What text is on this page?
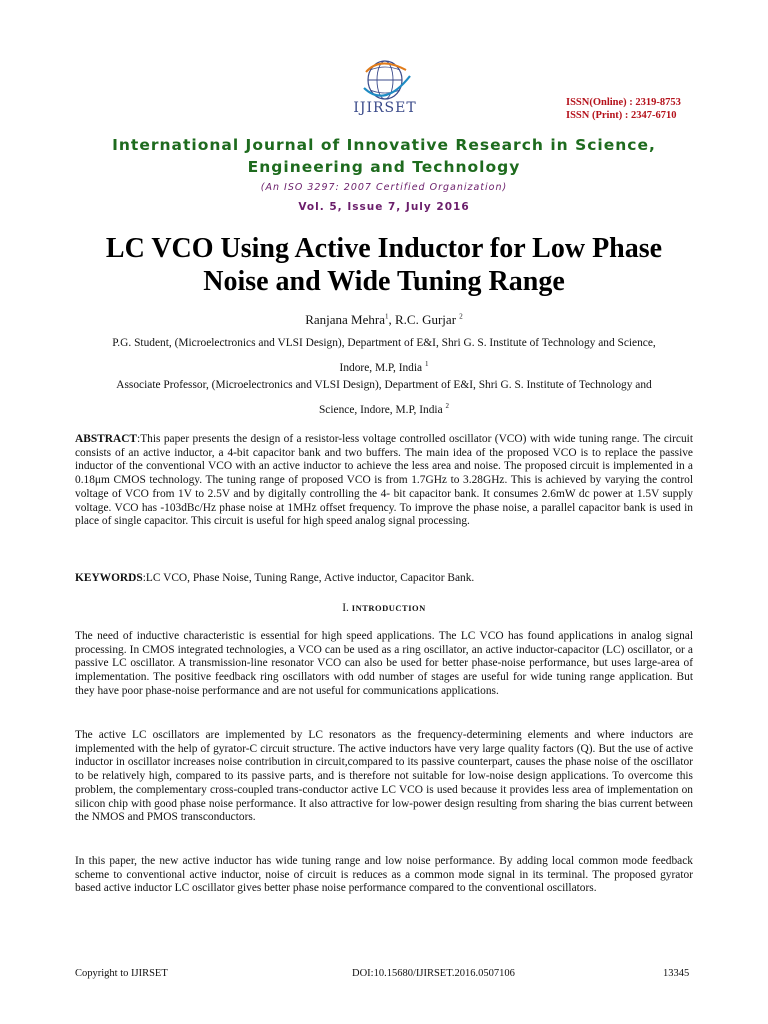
IJIRSET	ISSN(Online) : 2319-8753
ISSN (Print) : 2347-6710
International Journal of Innovative Research in Science,
Engineering and Technology
(An ISO 3297: 2007 Certified Organization)
Vol. 5, Issue 7, July 2016
LC VCO Using Active Inductor for Low Phase
Noise and Wide Tuning Range
Ranjana Mehra$^1$, R.C. Gurjar $^2$
P.G. Student, (Microelectronics and VLSI Design), Department of E&I, Shri G. S. Institute of Technology and Science,
Indore, M.P, India $^1$
Associate Professor, (Microelectronics and VLSI Design), Department of E&I, Shri G. S. Institute of Technology and
Science, Indore, M.P, India $^2$
ABSTRACT:This paper presents the design of a resistor-less voltage controlled oscillator (VCO) with wide tuning range. The circuit consists of an active inductor, a 4-bit capacitor bank and two buffers. The main idea of the proposed VCO is to replace the passive inductor of the conventional VCO with an active inductor to achieve the less area and noise. The proposed circuit is implemented in a 0.18μm CMOS technology. The tuning range of proposed VCO is from 1.7GHz to 3.28GHz. This is achieved by varying the control voltage of VCO from 1V to 2.5V and by digitally controlling the 4- bit capacitor bank. It consumes 2.6mW dc power at 1.5V supply voltage. VCO has -103dBc/Hz phase noise at 1MHz offset frequency. To improve the phase noise, a parallel capacitor bank is used in place of single capacitor. This circuit is useful for high speed analog signal processing.
KEYWORDS:LC VCO, Phase Noise, Tuning Range, Active inductor, Capacitor Bank.
I. INTRODUCTION
The need of inductive characteristic is essential for high speed applications. The LC VCO has found applications in analog signal processing. In CMOS integrated technologies, a VCO can be used as a ring oscillator, an active inductor-capacitor (LC) oscillator, or a passive LC oscillator. A transmission-line resonator VCO can also be used for better phase-noise performance, but uses large-area of implementation. The positive feedback ring oscillators with odd number of stages are useful for wide tuning range application. But they have poor phase-noise performance and are not useful for communications applications.
The active LC oscillators are implemented by LC resonators as the frequency-determining elements and where inductors are implemented with the help of gyrator-C circuit structure. The active inductors have very large quality factors (Q). But the use of active inductor in oscillator increases noise contribution in circuit,compared to its passive counterpart, causes the phase noise of the oscillator to be relatively high, compared to its passive parts, and is therefore not suitable for low-noise design applications. To overcome this problem, the complementary cross-coupled trans-conductor active LC VCO is used because it provides less area of implementation on silicon chip with good phase noise performance. It also attractive for low-power design resulting from sharing the bias current between the NMOS and PMOS transconductors.
In this paper, the new active inductor has wide tuning range and low noise performance. By adding local common mode feedback scheme to conventional active inductor, noise of circuit is reduces as a common mode signal in its terminal. The proposed gyrator based active inductor LC oscillator gives better phase noise performance compared to the conventional oscillators.
Copyright to IJIRSET	DOI:10.15680/IJIRSET.2016.0507106	13345
